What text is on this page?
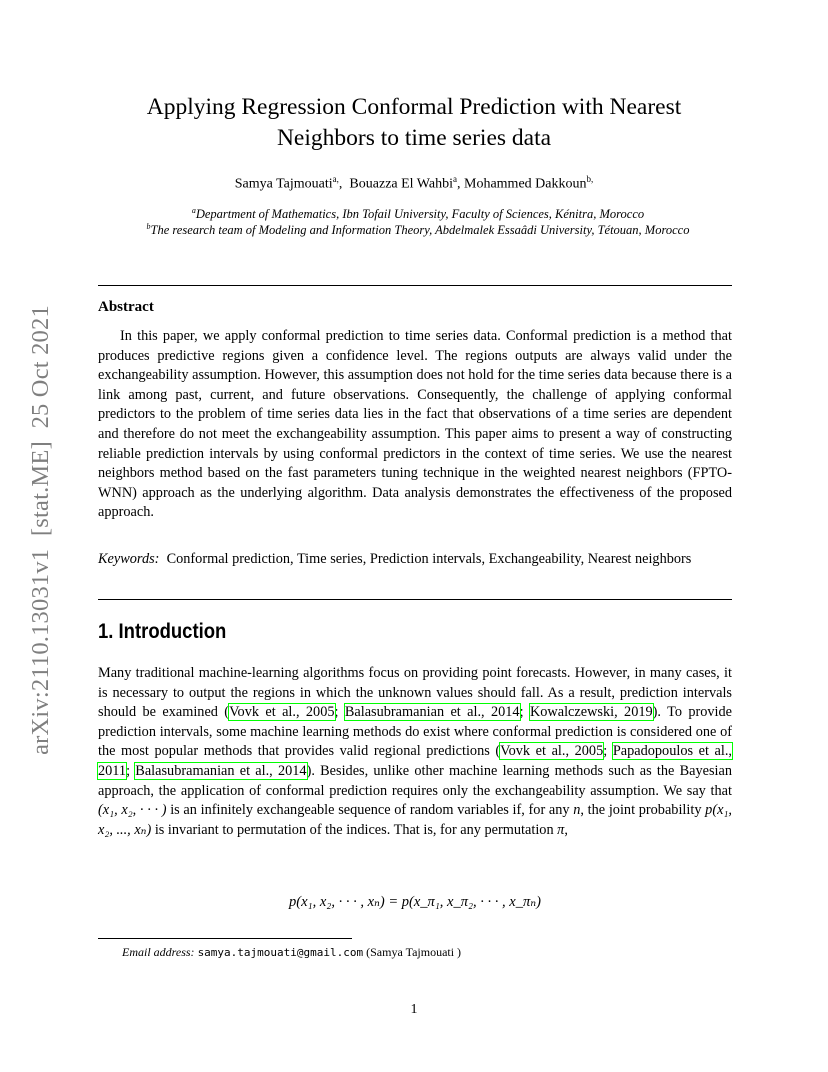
arXiv:2110.13031v1  [stat.ME]  25 Oct 2021
Applying Regression Conformal Prediction with Nearest
Neighbors to time series data
Samya Tajmouati$^{a,}$,  Bouazza El Wahbi$^a$, Mohammed Dakkoun$^{b,}$
$^a$Department of Mathematics, Ibn Tofail University, Faculty of Sciences, Kénitra, Morocco
$^b$The research team of Modeling and Information Theory, Abdelmalek Essaâdi University, Tétouan, Morocco
Abstract
In this paper, we apply conformal prediction to time series data. Conformal prediction is a method that produces predictive regions given a confidence level. The regions outputs are always valid under the exchangeability assumption. However, this assumption does not hold for the time series data because there is a link among past, current, and future observations. Consequently, the challenge of applying conformal predictors to the problem of time series data lies in the fact that observations of a time series are dependent and therefore do not meet the exchangeability assumption. This paper aims to present a way of constructing reliable prediction intervals by using conformal predictors in the context of time series. We use the nearest neighbors method based on the fast parameters tuning technique in the weighted nearest neighbors (FPTO-WNN) approach as the underlying algorithm. Data analysis demonstrates the effectiveness of the proposed approach.
Keywords: Conformal prediction, Time series, Prediction intervals, Exchangeability, Nearest neighbors
1. Introduction
Many traditional machine-learning algorithms focus on providing point forecasts. However, in many cases, it is necessary to output the regions in which the unknown values should fall. As a result, prediction intervals should be examined (Vovk et al., 2005; Balasubramanian et al., 2014; Kowalczewski, 2019). To provide prediction intervals, some machine learning methods do exist where conformal prediction is considered one of the most popular methods that provides valid regional predictions (Vovk et al., 2005; Papadopoulos et al., 2011; Balasubramanian et al., 2014). Besides, unlike other machine learning methods such as the Bayesian approach, the application of conformal prediction requires only the exchangeability assumption. We say that (x₁, x₂, · · · ) is an infinitely exchangeable sequence of random variables if, for any n, the joint probability p(x₁, x₂, ..., xₙ) is invariant to permutation of the indices. That is, for any permutation π,
p(x₁, x₂, · · · , xₙ) = p(x_π₁, x_π₂, · · · , x_πₙ)
Email address: samya.tajmouati@gmail.com (Samya Tajmouati )
1
